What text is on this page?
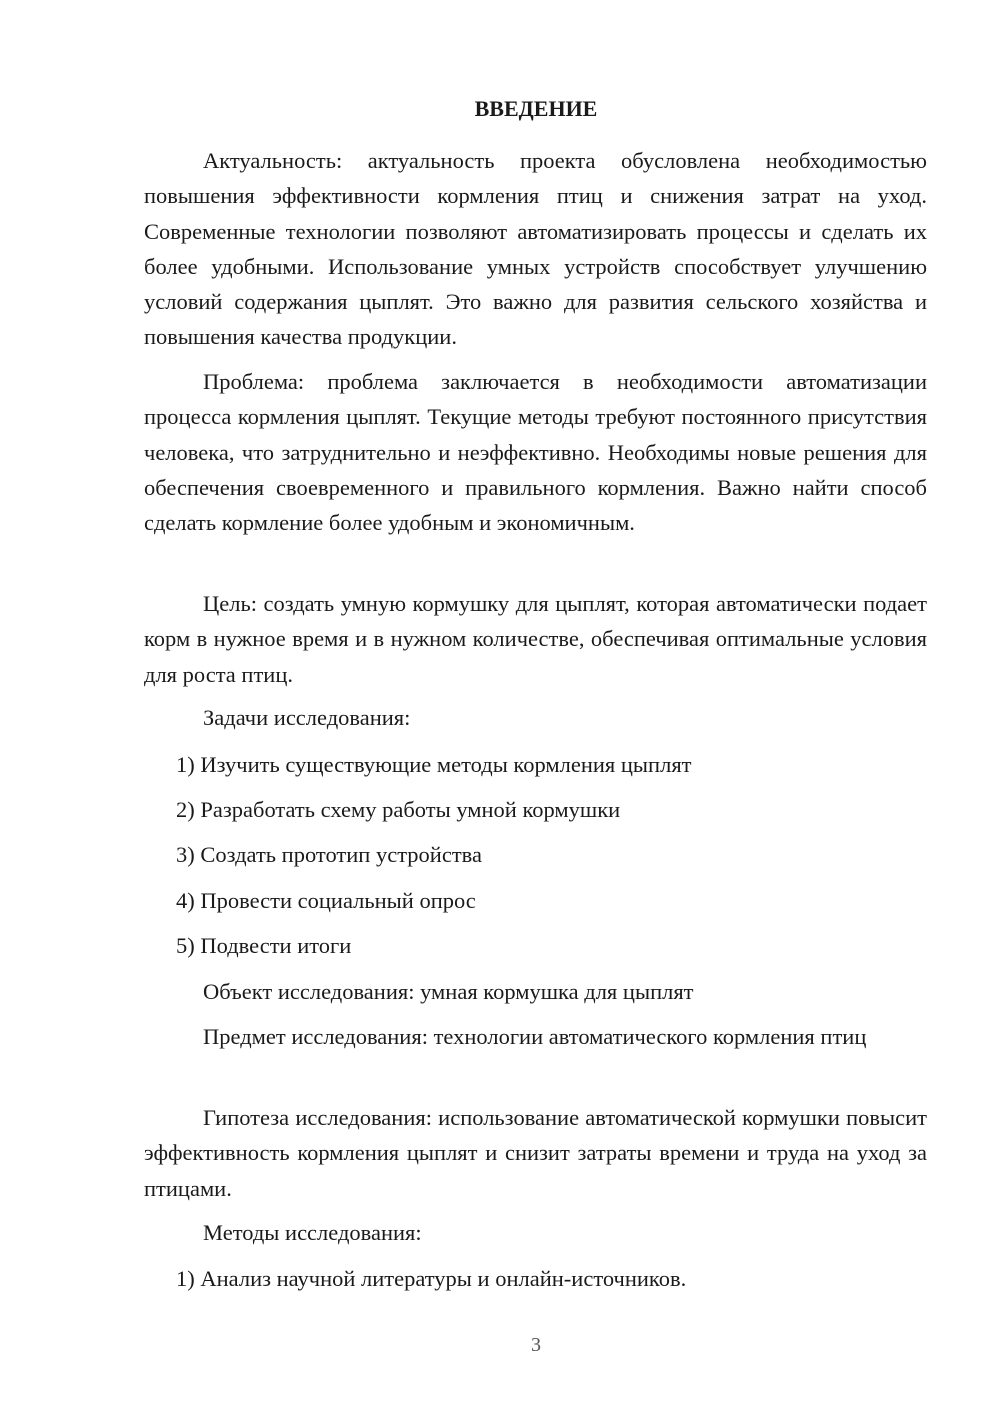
ВВЕДЕНИЕ

Актуальность: актуальность проекта обусловлена необходимостью повышения эффективности кормления птиц и снижения затрат на уход. Современные технологии позволяют автоматизировать процессы и сделать их более удобными. Использование умных устройств способствует улучшению условий содержания цыплят. Это важно для развития сельского хозяйства и повышения качества продукции.

Проблема: проблема заключается в необходимости автоматизации процесса кормления цыплят. Текущие методы требуют постоянного присутствия человека, что затруднительно и неэффективно. Необходимы новые решения для обеспечения своевременного и правильного кормления. Важно найти способ сделать кормление более удобным и экономичным.

Цель: создать умную кормушку для цыплят, которая автоматически подает корм в нужное время и в нужном количестве, обеспечивая оптимальные условия для роста птиц.

Задачи исследования:

1) Изучить существующие методы кормления цыплят

2) Разработать схему работы умной кормушки

3) Создать прототип устройства

4) Провести социальный опрос

5) Подвести итоги

Объект исследования: умная кормушка для цыплят

Предмет исследования: технологии автоматического кормления птиц

Гипотеза исследования: использование автоматической кормушки повысит эффективность кормления цыплят и снизит затраты времени и труда на уход за птицами.

Методы исследования:

1) Анализ научной литературы и онлайн-источников.

3
